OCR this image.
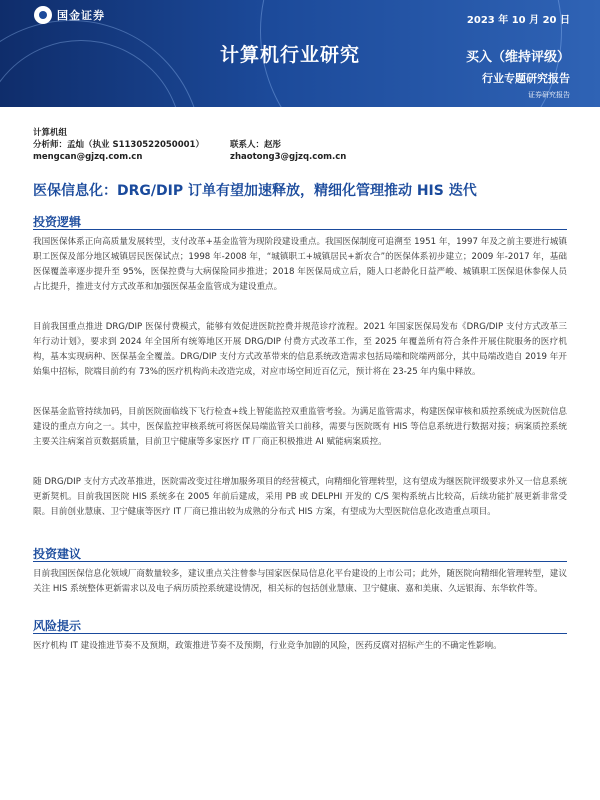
国金证券	2023 年 10 月 20 日
计算机行业研究	买入（维持评级）
行业专题研究报告
证券研究报告
计算机组
分析师：孟灿（执业 S1130522050001）	联系人：赵彤
mengcan@gjzq.com.cn	zhaotong3@gjzq.com.cn
医保信息化：DRG/DIP 订单有望加速释放，精细化管理推动 HIS 迭代
投资逻辑
我国医保体系正向高质量发展转型，支付改革+基金监管为现阶段建设重点。我国医保制度可追溯至 1951 年，1997 年及之前主要进行城镇职工医保及部分地区城镇居民医保试点；1998 年-2008 年，“城镇职工+城镇居民+新农合”的医保体系初步建立；2009 年-2017 年，基础医保覆盖率逐步提升至 95%，医保控费与大病保险同步推进；2018 年医保局成立后，随人口老龄化日益严峻、城镇职工医保退休参保人员占比提升，推进支付方式改革和加强医保基金监管成为建设重点。
目前我国重点推进 DRG/DIP 医保付费模式，能够有效促进医院控费并规范诊疗流程。2021 年国家医保局发布《DRG/DIP 支付方式改革三年行动计划》，要求到 2024 年全国所有统筹地区开展 DRG/DIP 付费方式改革工作，至 2025 年覆盖所有符合条件开展住院服务的医疗机构，基本实现病种、医保基金全覆盖。DRG/DIP 支付方式改革带来的信息系统改造需求包括局端和院端两部分，其中局端改造自 2019 年开始集中招标，院端目前约有 73%的医疗机构尚未改造完成，对应市场空间近百亿元，预计将在 23-25 年内集中释放。
医保基金监管持续加码，目前医院面临线下飞行检查+线上智能监控双重监管考验。为满足监管需求，构建医保审核和质控系统成为医院信息建设的重点方向之一。其中，医保监控审核系统可将医保局端监管关口前移，需要与医院既有 HIS 等信息系统进行数据对接；病案质控系统主要关注病案首页数据质量，目前卫宁健康等多家医疗 IT 厂商正积极推进 AI 赋能病案质控。
随 DRG/DIP 支付方式改革推进，医院需改变过往增加服务项目的经营模式，向精细化管理转型，这有望成为继医院评级要求外又一信息系统更新契机。目前我国医院 HIS 系统多在 2005 年前后建成，采用 PB 或 DELPHI 开发的 C/S 架构系统占比较高，后续功能扩展更新非常受限。目前创业慧康、卫宁健康等医疗 IT 厂商已推出较为成熟的分布式 HIS 方案，有望成为大型医院信息化改造重点项目。
投资建议
目前我国医保信息化领域厂商数量较多，建议重点关注曾参与国家医保局信息化平台建设的上市公司；此外，随医院向精细化管理转型，建议关注 HIS 系统整体更新需求以及电子病历质控系统建设情况，相关标的包括创业慧康、卫宁健康、嘉和美康、久远银海、东华软件等。
风险提示
医疗机构 IT 建设推进节奏不及预期，政策推进节奏不及预期，行业竞争加剧的风险，医药反腐对招标产生的不确定性影响。
